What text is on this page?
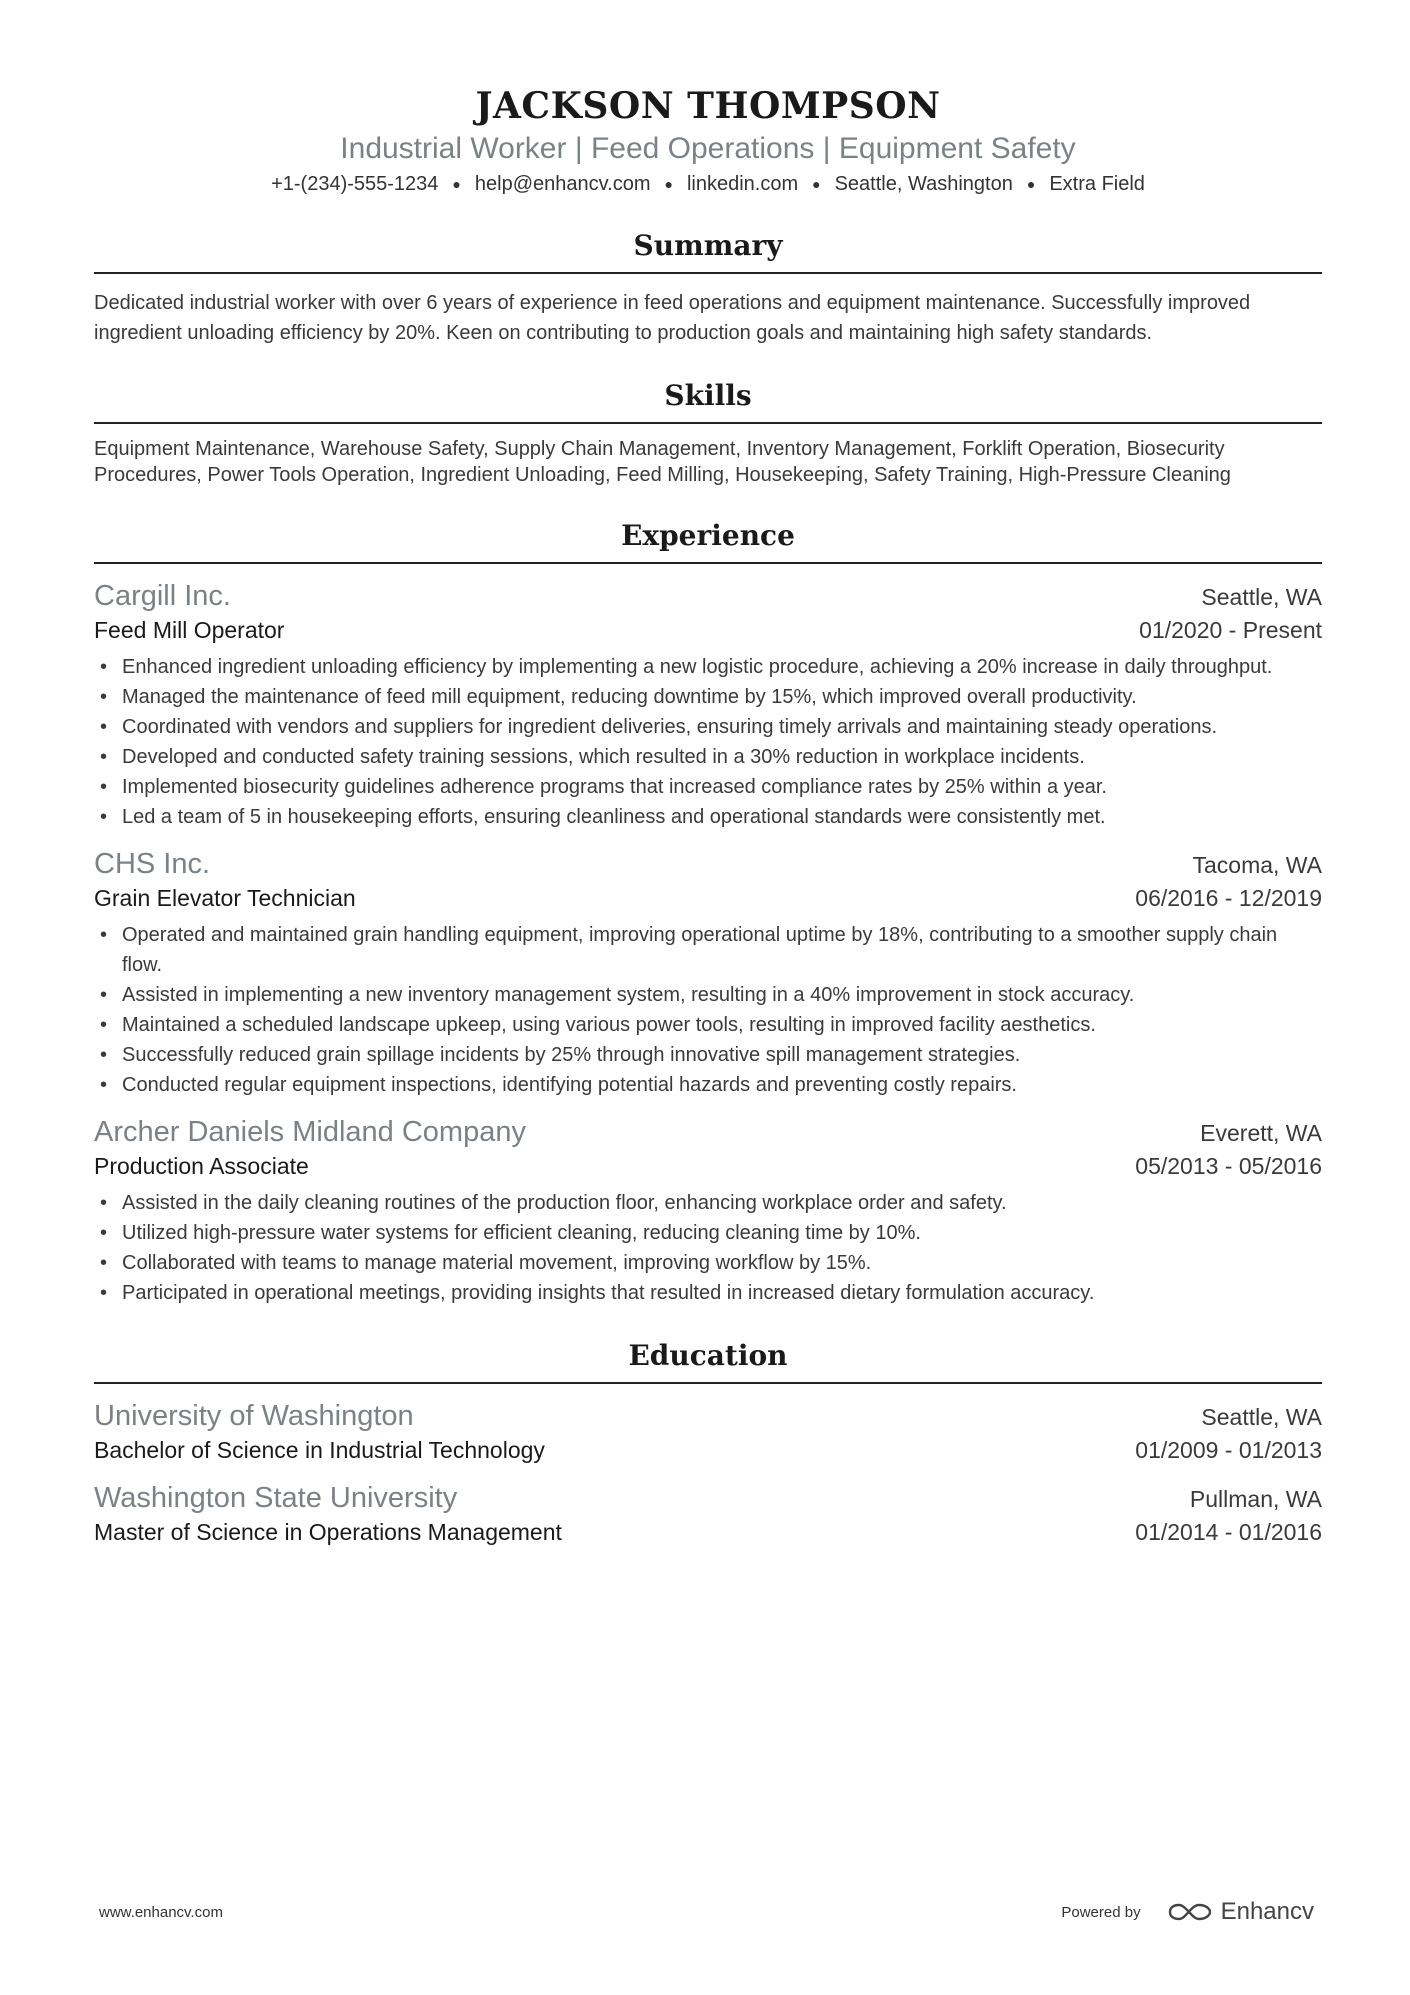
JACKSON THOMPSON
Industrial Worker | Feed Operations | Equipment Safety
+1-(234)-555-1234 ● help@enhancv.com ● linkedin.com ● Seattle, Washington ● Extra Field
Summary
Dedicated industrial worker with over 6 years of experience in feed operations and equipment maintenance. Successfully improved ingredient unloading efficiency by 20%. Keen on contributing to production goals and maintaining high safety standards.
Skills
Equipment Maintenance, Warehouse Safety, Supply Chain Management, Inventory Management, Forklift Operation, Biosecurity Procedures, Power Tools Operation, Ingredient Unloading, Feed Milling, Housekeeping, Safety Training, High-Pressure Cleaning
Experience
Cargill Inc.	Seattle, WA
Feed Mill Operator	01/2020 - Present
• Enhanced ingredient unloading efficiency by implementing a new logistic procedure, achieving a 20% increase in daily throughput.
• Managed the maintenance of feed mill equipment, reducing downtime by 15%, which improved overall productivity.
• Coordinated with vendors and suppliers for ingredient deliveries, ensuring timely arrivals and maintaining steady operations.
• Developed and conducted safety training sessions, which resulted in a 30% reduction in workplace incidents.
• Implemented biosecurity guidelines adherence programs that increased compliance rates by 25% within a year.
• Led a team of 5 in housekeeping efforts, ensuring cleanliness and operational standards were consistently met.
CHS Inc.	Tacoma, WA
Grain Elevator Technician	06/2016 - 12/2019
• Operated and maintained grain handling equipment, improving operational uptime by 18%, contributing to a smoother supply chain flow.
• Assisted in implementing a new inventory management system, resulting in a 40% improvement in stock accuracy.
• Maintained a scheduled landscape upkeep, using various power tools, resulting in improved facility aesthetics.
• Successfully reduced grain spillage incidents by 25% through innovative spill management strategies.
• Conducted regular equipment inspections, identifying potential hazards and preventing costly repairs.
Archer Daniels Midland Company	Everett, WA
Production Associate	05/2013 - 05/2016
• Assisted in the daily cleaning routines of the production floor, enhancing workplace order and safety.
• Utilized high-pressure water systems for efficient cleaning, reducing cleaning time by 10%.
• Collaborated with teams to manage material movement, improving workflow by 15%.
• Participated in operational meetings, providing insights that resulted in increased dietary formulation accuracy.
Education
University of Washington	Seattle, WA
Bachelor of Science in Industrial Technology	01/2009 - 01/2013
Washington State University	Pullman, WA
Master of Science in Operations Management	01/2014 - 01/2016
www.enhancv.com	Powered by	Enhancv
